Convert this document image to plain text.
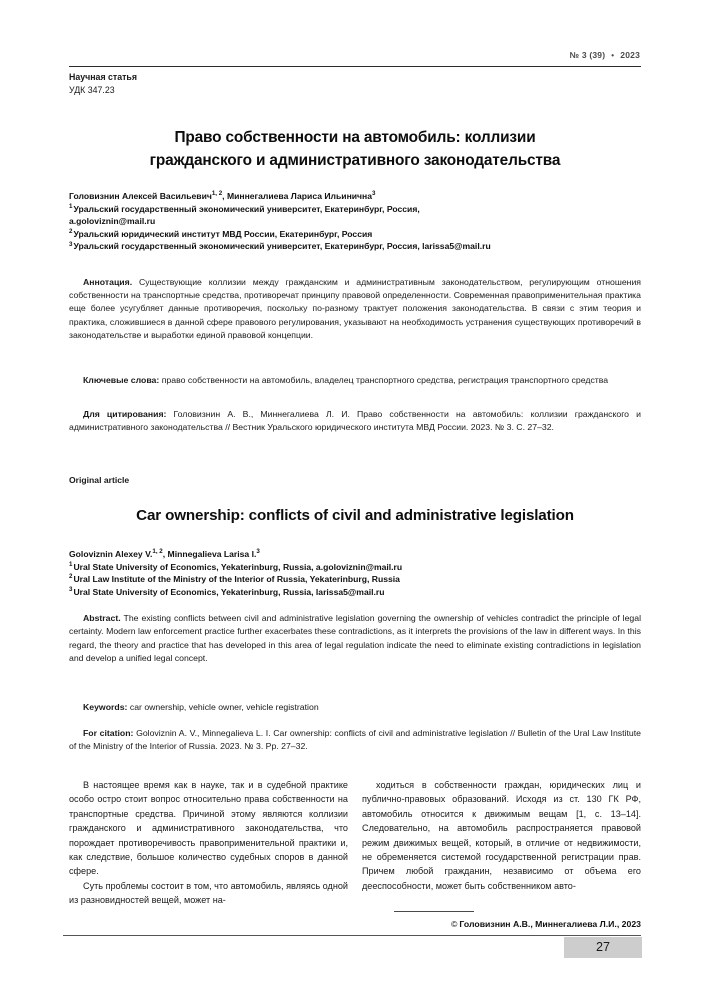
№ 3 (39) • 2023
Научная статья
УДК 347.23
Право собственности на автомобиль: коллизии
гражданского и административного законодательства
Головизнин Алексей Васильевич$^{1, 2}$, Миннегалиева Лариса Ильинична$^3$
$^1$Уральский государственный экономический университет, Екатеринбург, Россия,
a.goloviznin@mail.ru
$^2$Уральский юридический институт МВД России, Екатеринбург, Россия
$^3$Уральский государственный экономический университет, Екатеринбург, Россия, larissa5@mail.ru
Аннотация. Существующие коллизии между гражданским и административным законодательством, регулирующим отношения собственности на транспортные средства, противоречат принципу правовой определенности. Современная правоприменительная практика еще более усугубляет данные противоречия, поскольку по-разному трактует положения законодательства. В связи с этим теория и практика, сложившиеся в данной сфере правового регулирования, указывают на необходимость устранения существующих противоречий в законодательстве и выработки единой правовой концепции.
Ключевые слова: право собственности на автомобиль, владелец транспортного средства, регистрация транспортного средства
Для цитирования: Головизнин А. В., Миннегалиева Л. И. Право собственности на автомобиль: коллизии гражданского и административного законодательства // Вестник Уральского юридического института МВД России. 2023. № 3. С. 27–32.
Original article
Car ownership: conflicts of civil and administrative legislation
Goloviznin Alexey V.$^{1, 2}$, Minnegalieva Larisa I.$^3$
$^1$Ural State University of Economics, Yekaterinburg, Russia, a.goloviznin@mail.ru
$^2$Ural Law Institute of the Ministry of the Interior of Russia, Yekaterinburg, Russia
$^3$Ural State University of Economics, Yekaterinburg, Russia, larissa5@mail.ru
Abstract. The existing conflicts between civil and administrative legislation governing the ownership of vehicles contradict the principle of legal certainty. Modern law enforcement practice further exacerbates these contradictions, as it interprets the provisions of the law in different ways. In this regard, the theory and practice that has developed in this area of legal regulation indicate the need to eliminate existing contradictions in legislation and develop a unified legal concept.
Keywords: car ownership, vehicle owner, vehicle registration
For citation: Goloviznin A. V., Minnegalieva L. I. Car ownership: conflicts of civil and administrative legislation // Bulletin of the Ural Law Institute of the Ministry of the Interior of Russia. 2023. № 3. Pp. 27–32.

В настоящее время как в науке, так и в судебной практике особо остро стоит вопрос относительно права собственности на транспортные средства. Причиной этому являются коллизии гражданского и административного законодательства, что порождает противоречивость правоприменительной практики и, как следствие, большое количество судебных споров в данной сфере.

Суть проблемы состоит в том, что автомобиль, являясь одной из разновидностей вещей, может на-

ходиться в собственности граждан, юридических лиц и публично-правовых образований. Исходя из ст. 130 ГК РФ, автомобиль относится к движимым вещам [1, с. 13–14]. Следовательно, на автомобиль распространяется правовой режим движимых вещей, который, в отличие от недвижимости, не обременяется системой государственной регистрации прав. Причем любой гражданин, независимо от объема его дееспособности, может быть собственником авто-

© Головизнин А.В., Миннегалиева Л.И., 2023
27
